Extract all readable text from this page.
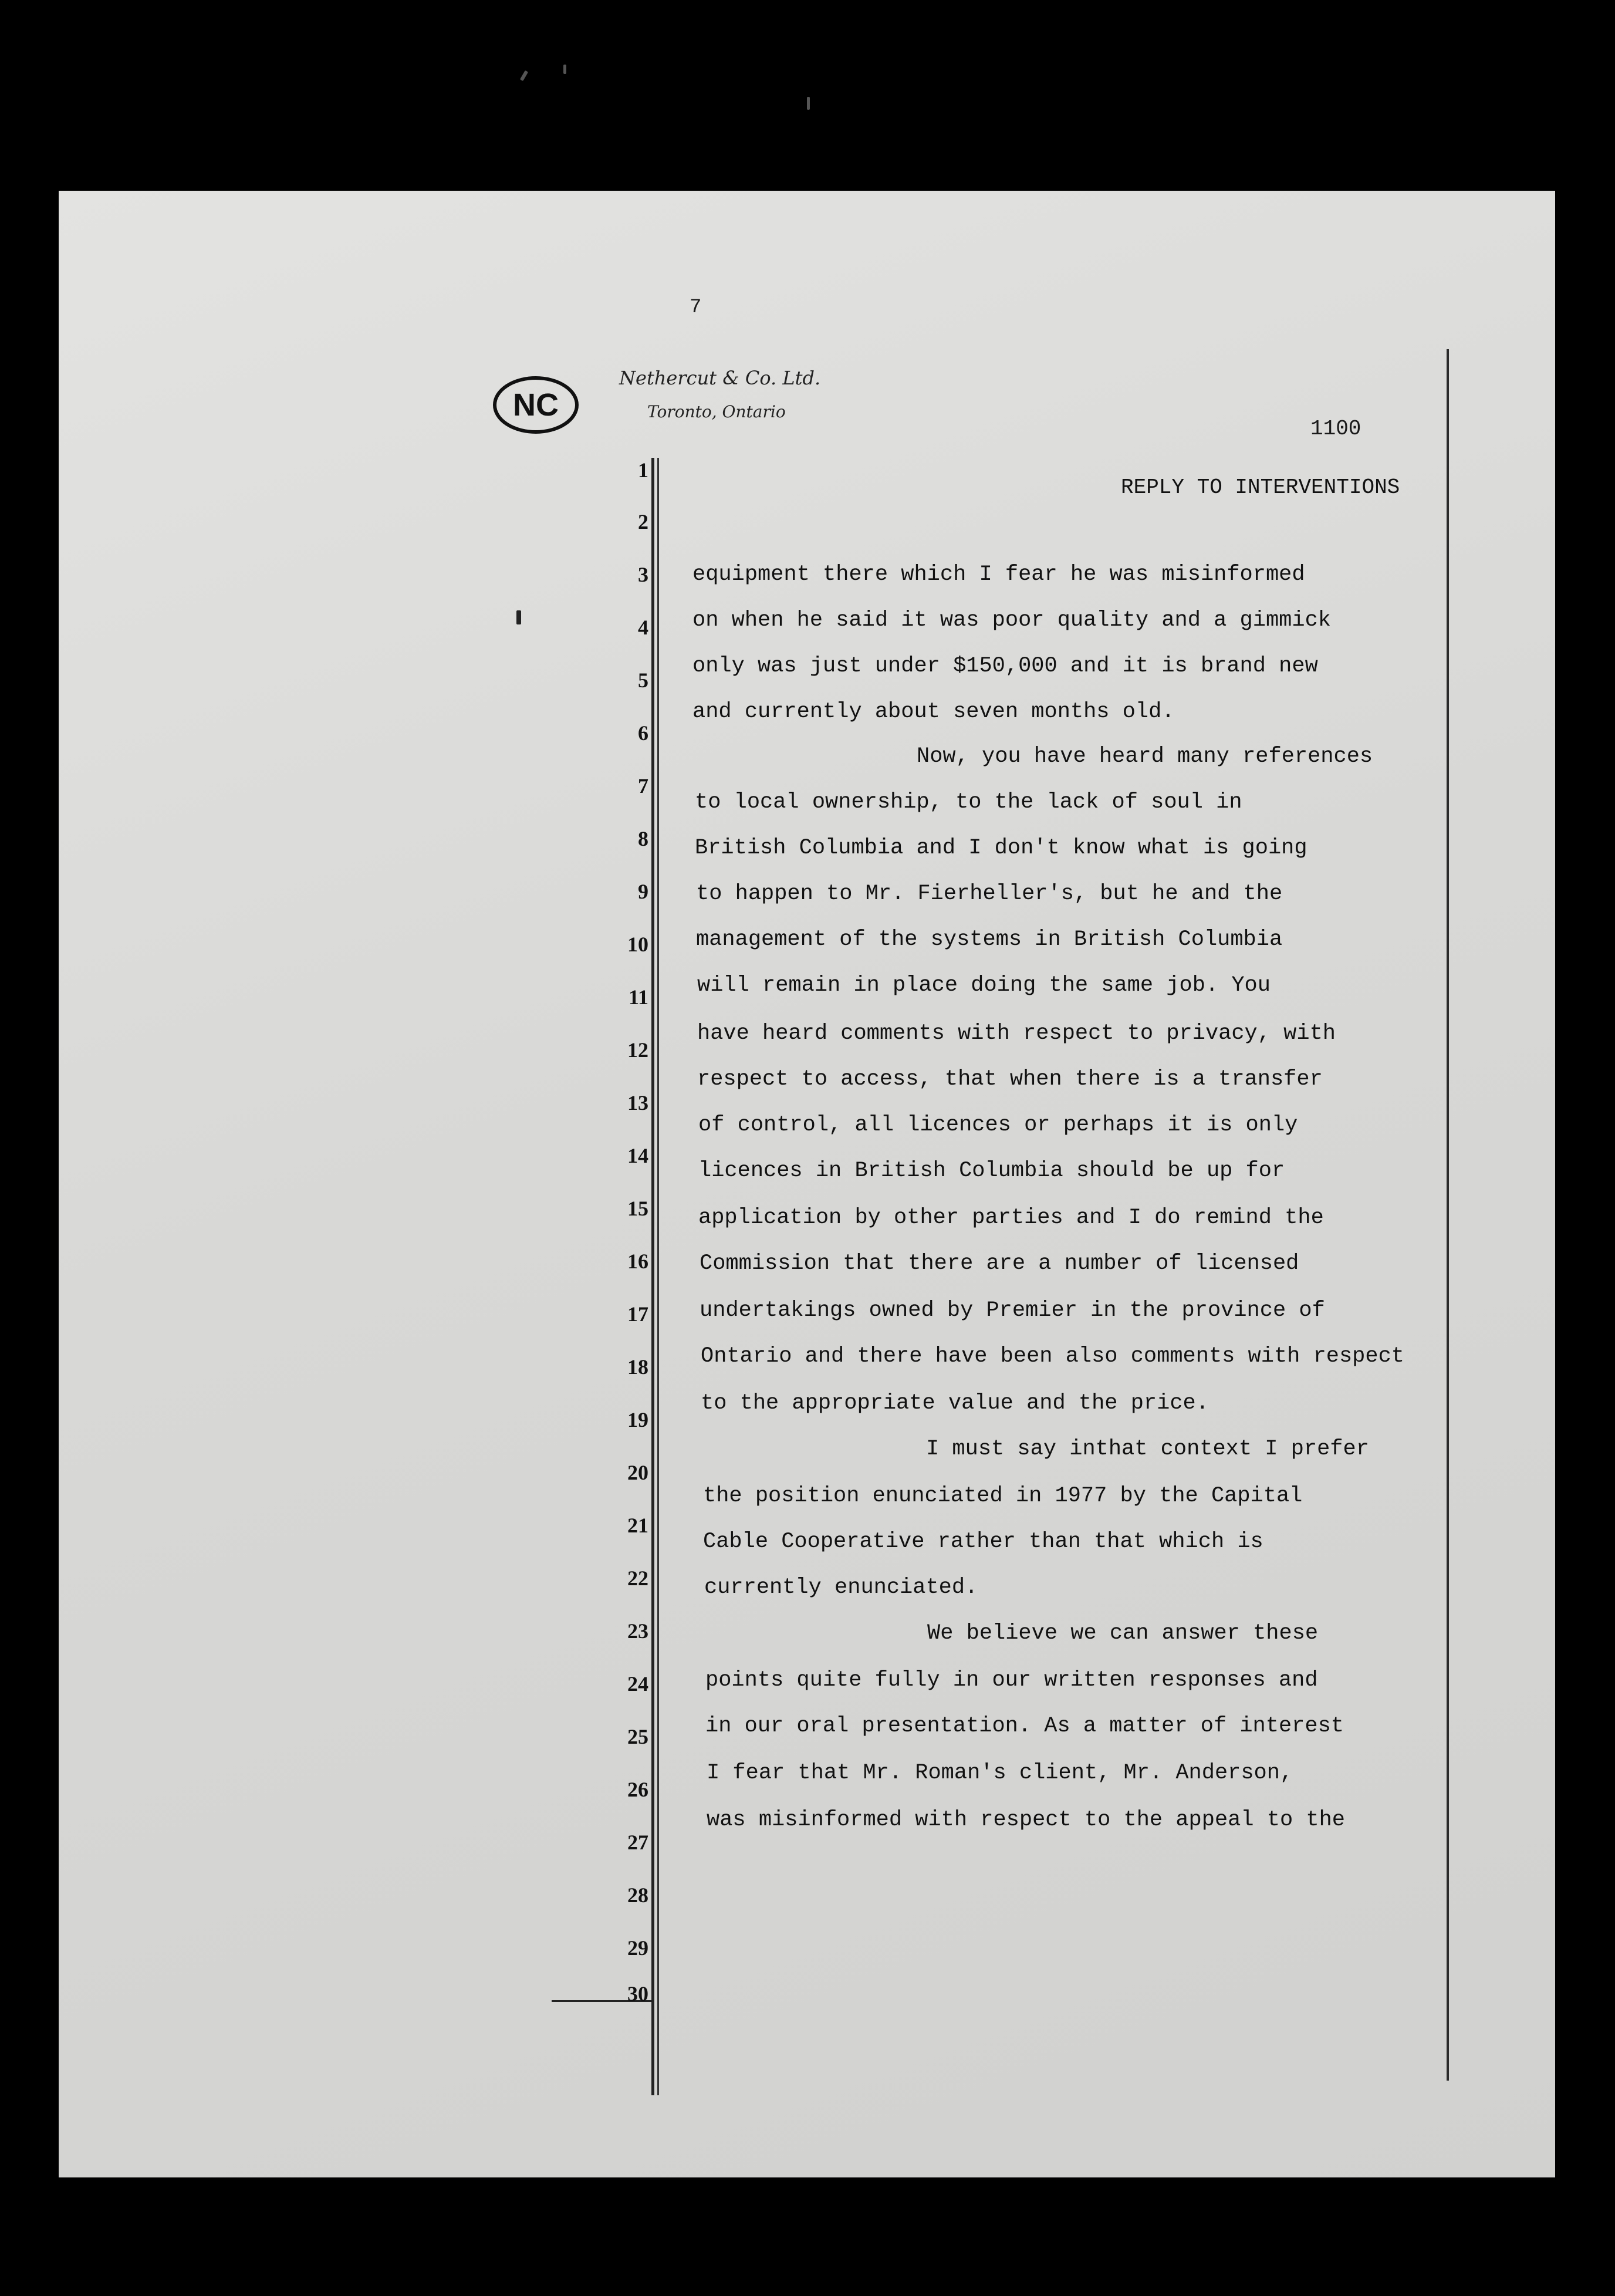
7
NC
Nethercut & Co. Ltd.
Toronto, Ontario
1100
REPLY TO INTERVENTIONS
1
2
3
4
5
6
7
8
9
10
11
12
13
14
15
16
17
18
19
20
21
22
23
24
25
26
27
28
29
30
equipment there which I fear he was misinformed
on when he said it was poor quality and a gimmick
only was just under $150,000 and it is brand new
and currently about seven months old.
Now, you have heard many references
to local ownership, to the lack of soul in
British Columbia and I don't know what is going
to happen to Mr. Fierheller's, but he and the
management of the systems in British Columbia
will remain in place doing the same job. You
have heard comments with respect to privacy, with
respect to access, that when there is a transfer
of control, all licences or perhaps it is only
licences in British Columbia should be up for
application by other parties and I do remind the
Commission that there are a number of licensed
undertakings owned by Premier in the province of
Ontario and there have been also comments with respect
to the appropriate value and the price.
I must say inthat context I prefer
the position enunciated in 1977 by the Capital
Cable Cooperative rather than that which is
currently enunciated.
We believe we can answer these
points quite fully in our written responses and
in our oral presentation. As a matter of interest
I fear that Mr. Roman's client, Mr. Anderson,
was misinformed with respect to the appeal to the
